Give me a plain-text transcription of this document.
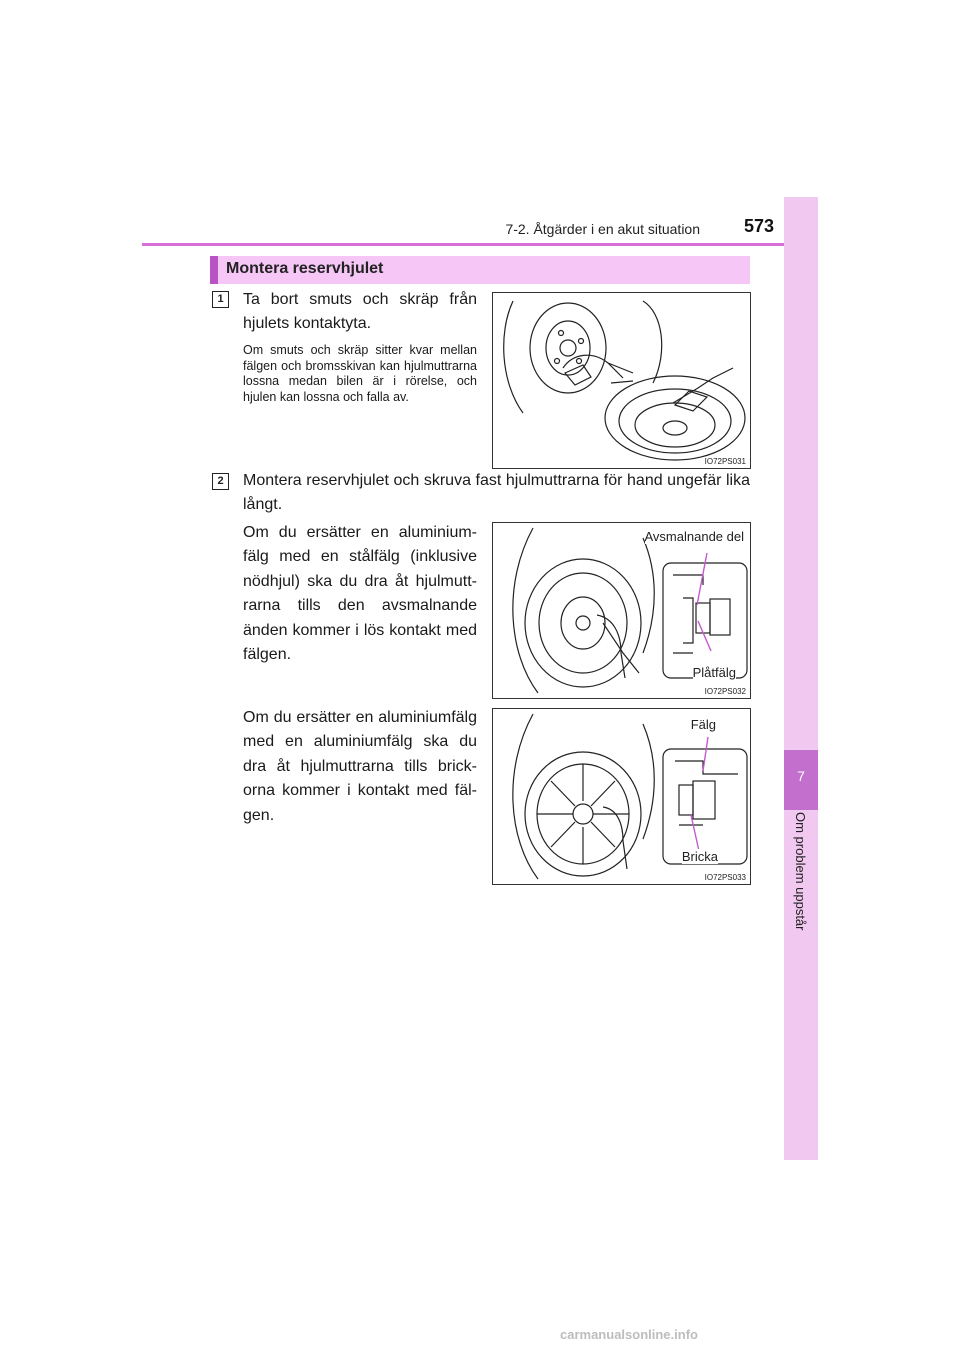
7-2. Åtgärder i en akut situation	573
7
Om problem uppstår
Montera reservhjulet
1	Ta bort smuts och skräp från hjulets kontaktyta.
Om smuts och skräp sitter kvar mellan fälgen och bromsskivan kan hjulmuttrarna lossna medan bilen är i rörelse, och hjulen kan lossna och falla av.
IO72PS031
2	Montera reservhjulet och skruva fast hjulmuttrarna för hand ungefär lika långt.
Om du ersätter en aluminium-fälg med en stålfälg (inklusive nödhjul) ska du dra åt hjulmutt-rarna tills den avsmalnande änden kommer i lös kontakt med fälgen.
Avsmalnande del
Plåtfälg
IO72PS032
Om du ersätter en aluminiumfälg med en aluminiumfälg ska du dra åt hjulmuttrarna tills brick-orna kommer i kontakt med fäl-gen.
Fälg
Bricka
IO72PS033
carmanualsonline.info
